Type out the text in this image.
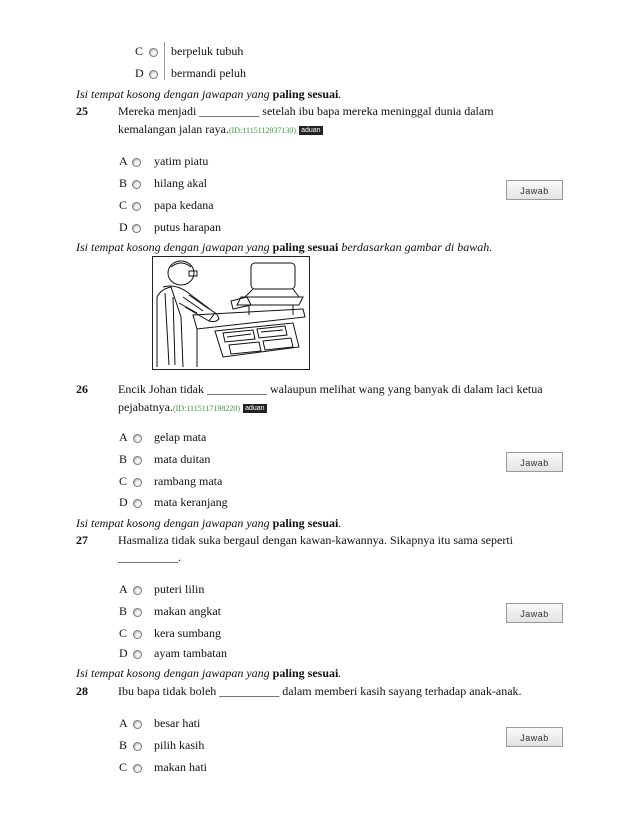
C	berpeluk tubuh
D	bermandi peluh
Isi tempat kosong dengan jawapan yang paling sesuai.
25	Mereka menjadi __________ setelah ibu bapa mereka meninggal dunia dalam
kemalangan jalan raya.(ID:1115112937130) aduan
A	yatim piatu
B	hilang akal
C	papa kedana
D	putus harapan
Jawab
Isi tempat kosong dengan jawapan yang paling sesuai berdasarkan gambar di bawah.
26	Encik Johan tidak __________ walaupun melihat wang yang banyak di dalam laci ketua
pejabatnya.(ID:1115117198220) aduan
A	gelap mata
B	mata duitan
C	rambang mata
D	mata keranjang
Jawab
Isi tempat kosong dengan jawapan yang paling sesuai.
27	Hasmaliza tidak suka bergaul dengan kawan-kawannya. Sikapnya itu sama seperti
__________.
A	puteri lilin
B	makan angkat
C	kera sumbang
D	ayam tambatan
Jawab
Isi tempat kosong dengan jawapan yang paling sesuai.
28	Ibu bapa tidak boleh __________ dalam memberi kasih sayang terhadap anak-anak.
A	besar hati
B	pilih kasih
C	makan hati
Jawab
